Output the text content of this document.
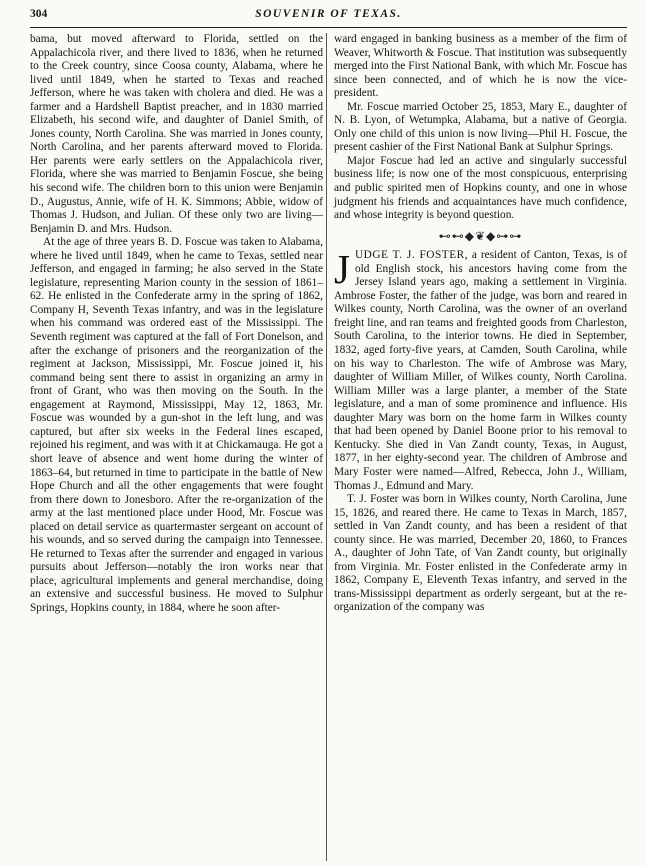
304	SOUVENIR OF TEXAS.

bama, but moved afterward to Florida, settled on the Appalachicola river, and there lived to 1836, when he returned to the Creek country, since Coosa county, Alabama, where he lived until 1849, when he started to Texas and reached Jefferson, where he was taken with cholera and died. He was a farmer and a Hardshell Baptist preacher, and in 1830 married Elizabeth, his second wife, and daughter of Daniel Smith, of Jones county, North Carolina. She was married in Jones county, North Carolina, and her parents afterward moved to Florida. Her parents were early settlers on the Appalachicola river, Florida, where she was married to Benjamin Foscue, she being his second wife. The children born to this union were Benjamin D., Augustus, Annie, wife of H. K. Simmons; Abbie, widow of Thomas J. Hudson, and Julian. Of these only two are living—Benjamin D. and Mrs. Hudson.

At the age of three years B. D. Foscue was taken to Alabama, where he lived until 1849, when he came to Texas, settled near Jefferson, and engaged in farming; he also served in the State legislature, representing Marion county in the session of 1861–62. He enlisted in the Confederate army in the spring of 1862, Company H, Seventh Texas infantry, and was in the legislature when his command was ordered east of the Mississippi. The Seventh regiment was captured at the fall of Fort Donelson, and after the exchange of prisoners and the reorganization of the regiment at Jackson, Mississippi, Mr. Foscue joined it, his command being sent there to assist in organizing an army in front of Grant, who was then moving on the South. In the engagement at Raymond, Mississippi, May 12, 1863, Mr. Foscue was wounded by a gun-shot in the left lung, and was captured, but after six weeks in the Federal lines escaped, rejoined his regiment, and was with it at Chickamauga. He got a short leave of absence and went home during the winter of 1863–64, but returned in time to participate in the battle of New Hope Church and all the other engagements that were fought from there down to Jonesboro. After the re-organization of the army at the last mentioned place under Hood, Mr. Foscue was placed on detail service as quartermaster sergeant on account of his wounds, and so served during the campaign into Tennessee. He returned to Texas after the surrender and engaged in various pursuits about Jefferson—notably the iron works near that place, agricultural implements and general merchandise, doing an extensive and successful business. He moved to Sulphur Springs, Hopkins county, in 1884, where he soon after-

ward engaged in banking business as a member of the firm of Weaver, Whitworth & Foscue. That institution was subsequently merged into the First National Bank, with which Mr. Foscue has since been connected, and of which he is now the vice-president.

Mr. Foscue married October 25, 1853, Mary E., daughter of N. B. Lyon, of Wetumpka, Alabama, but a native of Georgia. Only one child of this union is now living—Phil H. Foscue, the present cashier of the First National Bank at Sulphur Springs.

Major Foscue had led an active and singularly successful business life; is now one of the most conspicuous, enterprising and public spirited men of Hopkins county, and one in whose judgment his friends and acquaintances have much confidence, and whose integrity is beyond question.

⊷⊷◆❦◆⊶⊶

JUDGE T. J. FOSTER, a resident of Canton, Texas, is of old English stock, his ancestors having come from the Jersey Island years ago, making a settlement in Virginia. Ambrose Foster, the father of the judge, was born and reared in Wilkes county, North Carolina, was the owner of an overland freight line, and ran teams and freighted goods from Charleston, South Carolina, to the interior towns. He died in September, 1832, aged forty-five years, at Camden, South Carolina, while on his way to Charleston. The wife of Ambrose was Mary, daughter of William Miller, of Wilkes county, North Carolina. William Miller was a large planter, a member of the State legislature, and a man of some prominence and influence. His daughter Mary was born on the home farm in Wilkes county that had been opened by Daniel Boone prior to his removal to Kentucky. She died in Van Zandt county, Texas, in August, 1877, in her eighty-second year. The children of Ambrose and Mary Foster were named—Alfred, Rebecca, John J., William, Thomas J., Edmund and Mary.

T. J. Foster was born in Wilkes county, North Carolina, June 15, 1826, and reared there. He came to Texas in March, 1857, settled in Van Zandt county, and has been a resident of that county since. He was married, December 20, 1860, to Frances A., daughter of John Tate, of Van Zandt county, but originally from Virginia. Mr. Foster enlisted in the Confederate army in 1862, Company E, Eleventh Texas infantry, and served in the trans-Mississippi department as orderly sergeant, but at the re-organization of the company was
